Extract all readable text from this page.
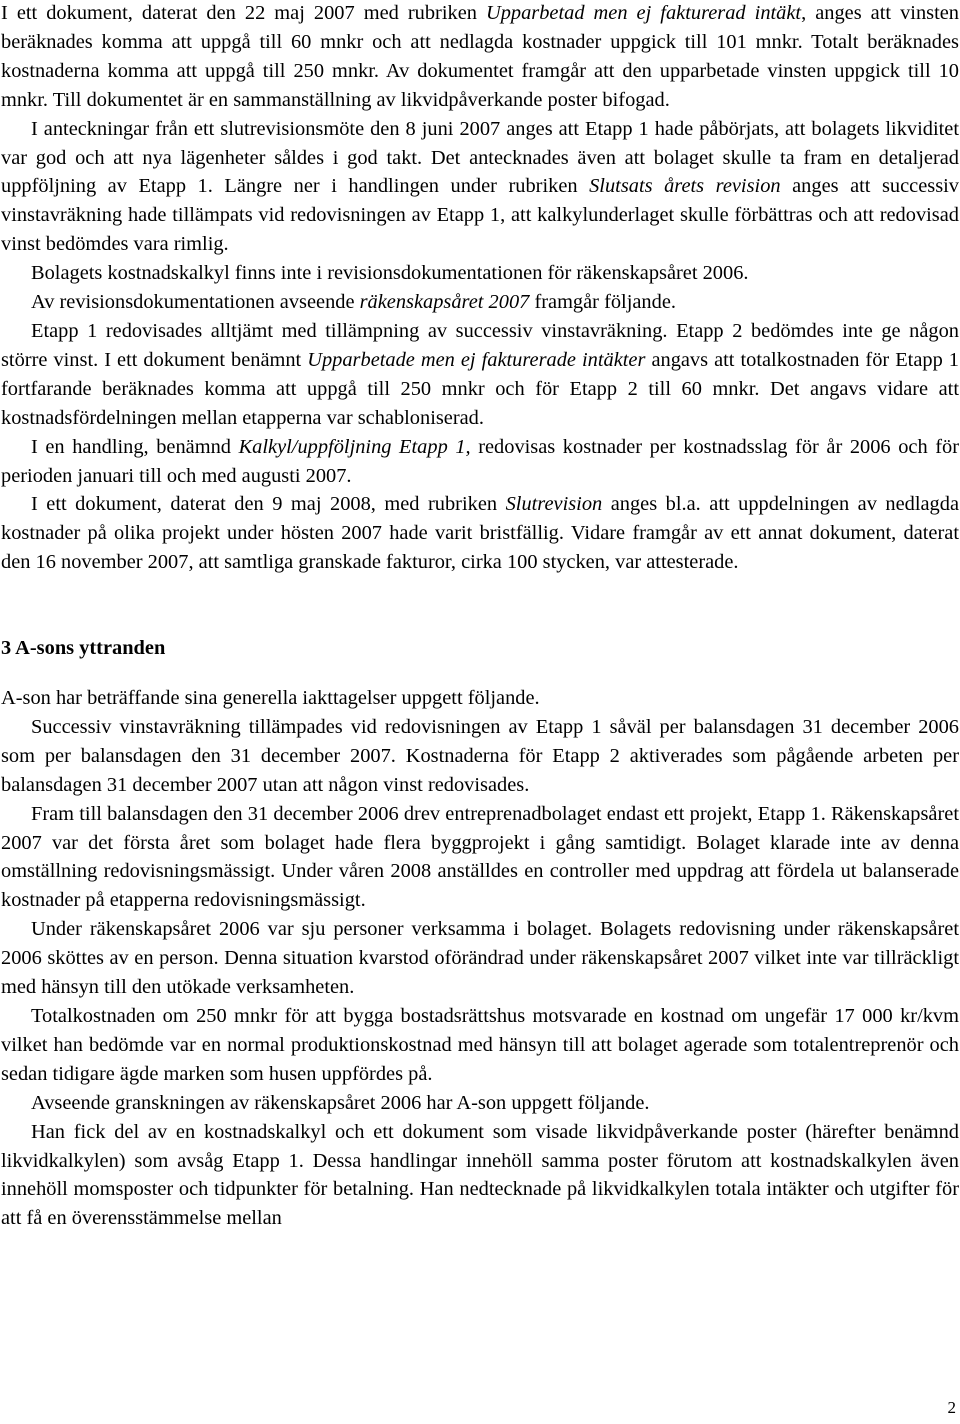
I ett dokument, daterat den 22 maj 2007 med rubriken Upparbetad men ej fakturerad intäkt, anges att vinsten beräknades komma att uppgå till 60 mnkr och att nedlagda kostnader uppgick till 101 mnkr. Totalt beräknades kostnaderna komma att uppgå till 250 mnkr. Av dokumentet framgår att den upparbetade vinsten uppgick till 10 mnkr. Till dokumentet är en sammanställning av likvidpåverkande poster bifogad.

I anteckningar från ett slutrevisionsmöte den 8 juni 2007 anges att Etapp 1 hade påbörjats, att bolagets likviditet var god och att nya lägenheter såldes i god takt. Det antecknades även att bolaget skulle ta fram en detaljerad uppföljning av Etapp 1. Längre ner i handlingen under rubriken Slutsats årets revision anges att successiv vinstavräkning hade tillämpats vid redovisningen av Etapp 1, att kalkylunderlaget skulle förbättras och att redovisad vinst bedömdes vara rimlig.

Bolagets kostnadskalkyl finns inte i revisionsdokumentationen för räkenskapsåret 2006.

Av revisionsdokumentationen avseende räkenskapsåret 2007 framgår följande.

Etapp 1 redovisades alltjämt med tillämpning av successiv vinstavräkning. Etapp 2 bedömdes inte ge någon större vinst. I ett dokument benämnt Upparbetade men ej fakturerade intäkter angavs att totalkostnaden för Etapp 1 fortfarande beräknades komma att uppgå till 250 mnkr och för Etapp 2 till 60 mnkr. Det angavs vidare att kostnadsfördelningen mellan etapperna var schabloniserad.

I en handling, benämnd Kalkyl/uppföljning Etapp 1, redovisas kostnader per kostnadsslag för år 2006 och för perioden januari till och med augusti 2007.

I ett dokument, daterat den 9 maj 2008, med rubriken Slutrevision anges bl.a. att uppdelningen av nedlagda kostnader på olika projekt under hösten 2007 hade varit bristfällig. Vidare framgår av ett annat dokument, daterat den 16 november 2007, att samtliga granskade fakturor, cirka 100 stycken, var attesterade.

3 A-sons yttranden

A-son har beträffande sina generella iakttagelser uppgett följande.

Successiv vinstavräkning tillämpades vid redovisningen av Etapp 1 såväl per balansdagen 31 december 2006 som per balansdagen den 31 december 2007. Kostnaderna för Etapp 2 aktiverades som pågående arbeten per balansdagen 31 december 2007 utan att någon vinst redovisades.

Fram till balansdagen den 31 december 2006 drev entreprenadbolaget endast ett projekt, Etapp 1. Räkenskapsåret 2007 var det första året som bolaget hade flera byggprojekt i gång samtidigt. Bolaget klarade inte av denna omställning redovisningsmässigt. Under våren 2008 anställdes en controller med uppdrag att fördela ut balanserade kostnader på etapperna redovisningsmässigt.

Under räkenskapsåret 2006 var sju personer verksamma i bolaget. Bolagets redovisning under räkenskapsåret 2006 sköttes av en person. Denna situation kvarstod oförändrad under räkenskapsåret 2007 vilket inte var tillräckligt med hänsyn till den utökade verksamheten.

Totalkostnaden om 250 mnkr för att bygga bostadsrättshus motsvarade en kostnad om ungefär 17 000 kr/kvm vilket han bedömde var en normal produktionskostnad med hänsyn till att bolaget agerade som totalentreprenör och sedan tidigare ägde marken som husen uppfördes på.

Avseende granskningen av räkenskapsåret 2006 har A-son uppgett följande.

Han fick del av en kostnadskalkyl och ett dokument som visade likvidpåverkande poster (härefter benämnd likvidkalkylen) som avsåg Etapp 1. Dessa handlingar innehöll samma poster förutom att kostnadskalkylen även innehöll momsposter och tidpunkter för betalning. Han nedtecknade på likvidkalkylen totala intäkter och utgifter för att få en överensstämmelse mellan

2
